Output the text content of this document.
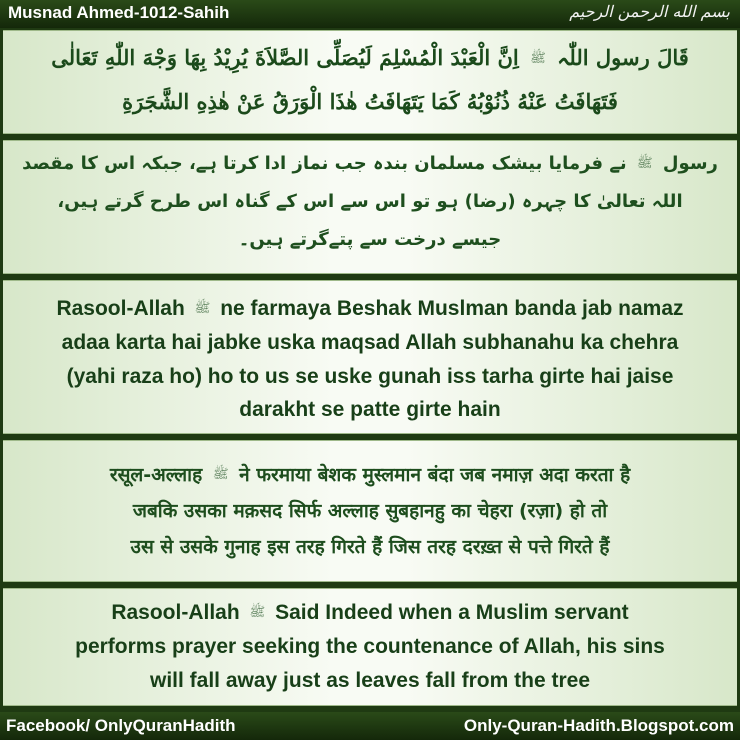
Musnad Ahmed-1012-Sahih	بسم الله الرحمن الرحيم
قَالَ رسول اللّٰہ ﷺ اِنَّ الْعَبْدَ الْمُسْلِمَ لَيُصَلِّى الصَّلاَةَ يُرِيْدُ بِهَا وَجْهَ اللّٰهِ تَعَالٰى
فَتَهَافَتُ عَنْهُ ذُنُوْبُهُ كَمَا يَتَهَافَتُ هٰذَا الْوَرَقُ عَنْ هٰذِهِ الشَّجَرَةِ
رسول ﷺ نے فرمایا بیشک مسلمان بندہ جب نماز ادا کرتا ہے، جبکہ اس کا مقصد
اللہ تعالیٰ کا چہرہ (رضا) ہو تو اس سے اس کے گناہ اس طرح گرتے ہیں،
جیسے درخت سے پتےگرتے ہیں۔
Rasool-Allah ﷺ ne farmaya Beshak Muslman banda jab namaz
adaa karta hai jabke uska maqsad Allah subhanahu ka chehra
(yahi raza ho) ho to us se uske gunah iss tarha girte hai jaise
darakht se patte girte hain
रसूल-अल्लाह ﷺ ने फरमाया बेशक मुस्लमान बंदा जब नमाज़ अदा करता है
जबकि उसका मक़सद सिर्फ अल्लाह सुबहानहु का चेहरा (रज़ा) हो तो
उस से उसके गुनाह इस तरह गिरते हैं जिस तरह दरख़्त से पत्ते गिरते हैं
Rasool-Allah ﷺ Said Indeed when a Muslim servant
performs prayer seeking the countenance of Allah, his sins
will fall away just as leaves fall from the tree
Facebook/ OnlyQuranHadith	Only-Quran-Hadith.Blogspot.com
